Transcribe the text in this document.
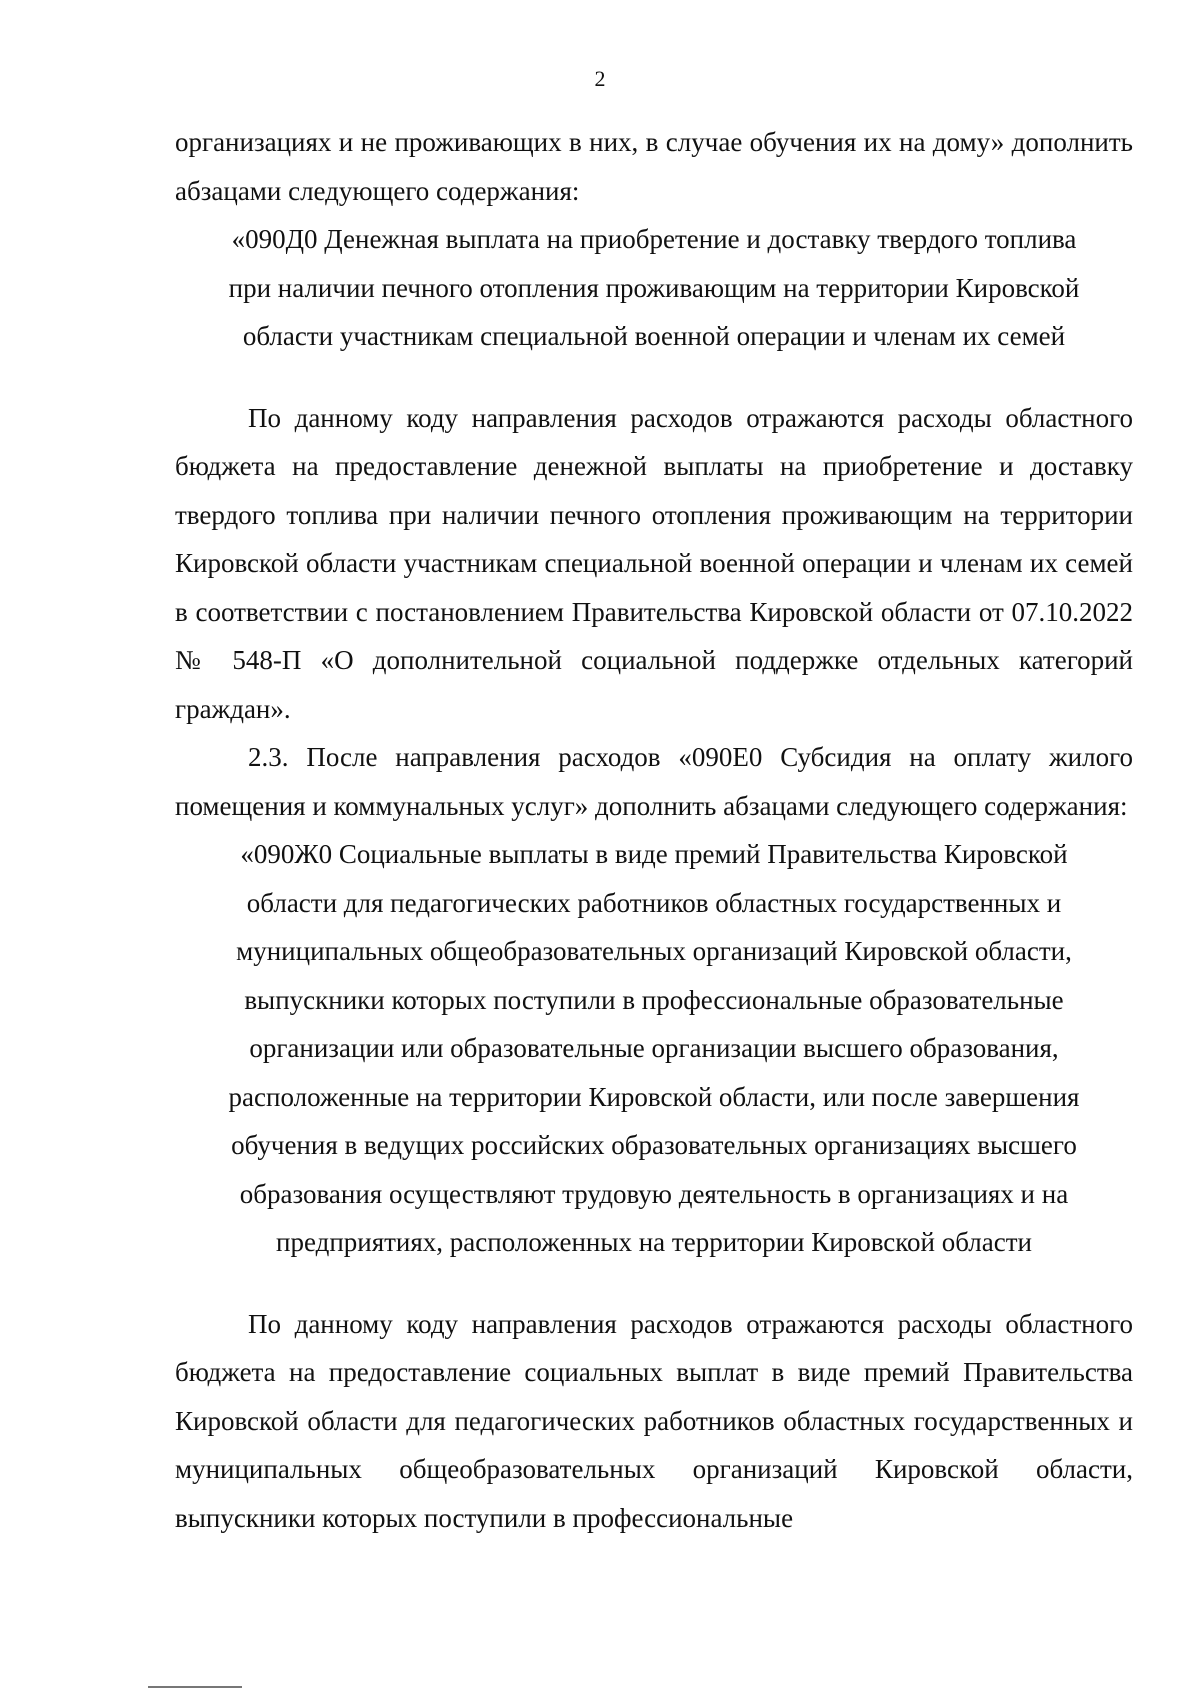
2

организациях и не проживающих в них, в случае обучения их на дому» дополнить абзацами следующего содержания:

«090Д0 Денежная выплата на приобретение и доставку твердого топлива
при наличии печного отопления проживающим на территории Кировской
области участникам специальной военной операции и членам их семей

По данному коду направления расходов отражаются расходы областного бюджета на предоставление денежной выплаты на приобретение и доставку твердого топлива при наличии печного отопления проживающим на территории Кировской области участникам специальной военной операции и членам их семей в соответствии с постановлением Правительства Кировской области от 07.10.2022 № 548-П «О дополнительной социальной поддержке отдельных категорий граждан».

2.3. После направления расходов «090Е0 Субсидия на оплату жилого помещения и коммунальных услуг» дополнить абзацами следующего содержания:

«090Ж0 Социальные выплаты в виде премий Правительства Кировской
области для педагогических работников областных государственных и
муниципальных общеобразовательных организаций Кировской области,
выпускники которых поступили в профессиональные образовательные
организации или образовательные организации высшего образования,
расположенные на территории Кировской области, или после завершения
обучения в ведущих российских образовательных организациях высшего
образования осуществляют трудовую деятельность в организациях и на
предприятиях, расположенных на территории Кировской области

По данному коду направления расходов отражаются расходы областного бюджета на предоставление социальных выплат в виде премий Правительства Кировской области для педагогических работников областных государственных и муниципальных общеобразовательных организаций Кировской области, выпускники которых поступили в профессиональные
